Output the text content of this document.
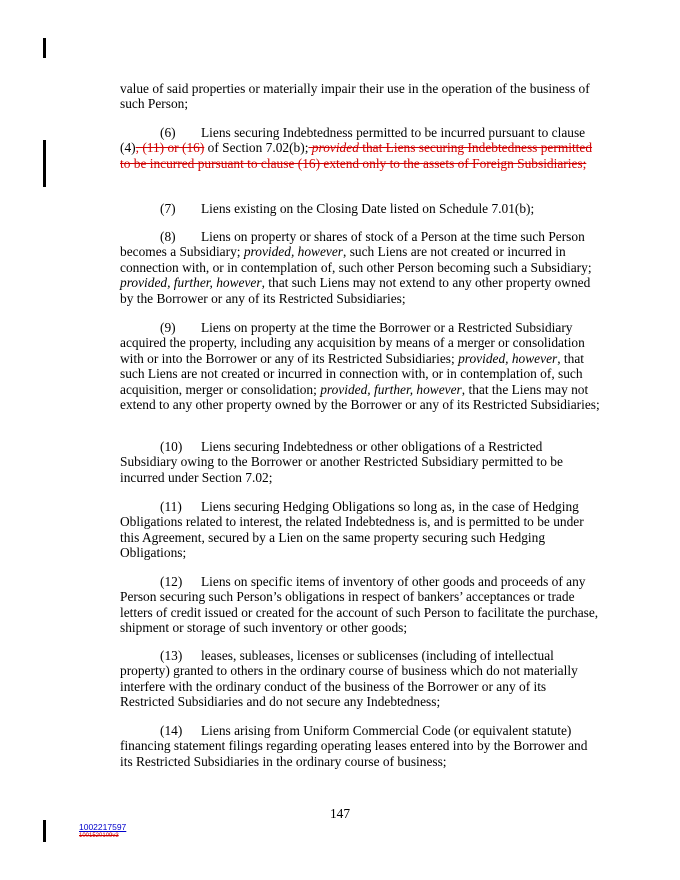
value of said properties or materially impair their use in the operation of the business of such Person;

(6) Liens securing Indebtedness permitted to be incurred pursuant to clause (4), (11) or (16) of Section 7.02(b); provided that Liens securing Indebtedness permitted to be incurred pursuant to clause (16) extend only to the assets of Foreign Subsidiaries;

(7) Liens existing on the Closing Date listed on Schedule 7.01(b);

(8) Liens on property or shares of stock of a Person at the time such Person becomes a Subsidiary; provided, however, such Liens are not created or incurred in connection with, or in contemplation of, such other Person becoming such a Subsidiary; provided, further, however, that such Liens may not extend to any other property owned by the Borrower or any of its Restricted Subsidiaries;

(9) Liens on property at the time the Borrower or a Restricted Subsidiary acquired the property, including any acquisition by means of a merger or consolidation with or into the Borrower or any of its Restricted Subsidiaries; provided, however, that such Liens are not created or incurred in connection with, or in contemplation of, such acquisition, merger or consolidation; provided, further, however, that the Liens may not extend to any other property owned by the Borrower or any of its Restricted Subsidiaries;

(10) Liens securing Indebtedness or other obligations of a Restricted Subsidiary owing to the Borrower or another Restricted Subsidiary permitted to be incurred under Section 7.02;

(11) Liens securing Hedging Obligations so long as, in the case of Hedging Obligations related to interest, the related Indebtedness is, and is permitted to be under this Agreement, secured by a Lien on the same property securing such Hedging Obligations;

(12) Liens on specific items of inventory of other goods and proceeds of any Person securing such Person’s obligations in respect of bankers’ acceptances or trade letters of credit issued or created for the account of such Person to facilitate the purchase, shipment or storage of such inventory or other goods;

(13) leases, subleases, licenses or sublicenses (including of intellectual property) granted to others in the ordinary course of business which do not materially interfere with the ordinary conduct of the business of the Borrower or any of its Restricted Subsidiaries and do not secure any Indebtedness;

(14) Liens arising from Uniform Commercial Code (or equivalent statute) financing statement filings regarding operating leases entered into by the Borrower and its Restricted Subsidiaries in the ordinary course of business;

147
1002217597
1001520109v3
